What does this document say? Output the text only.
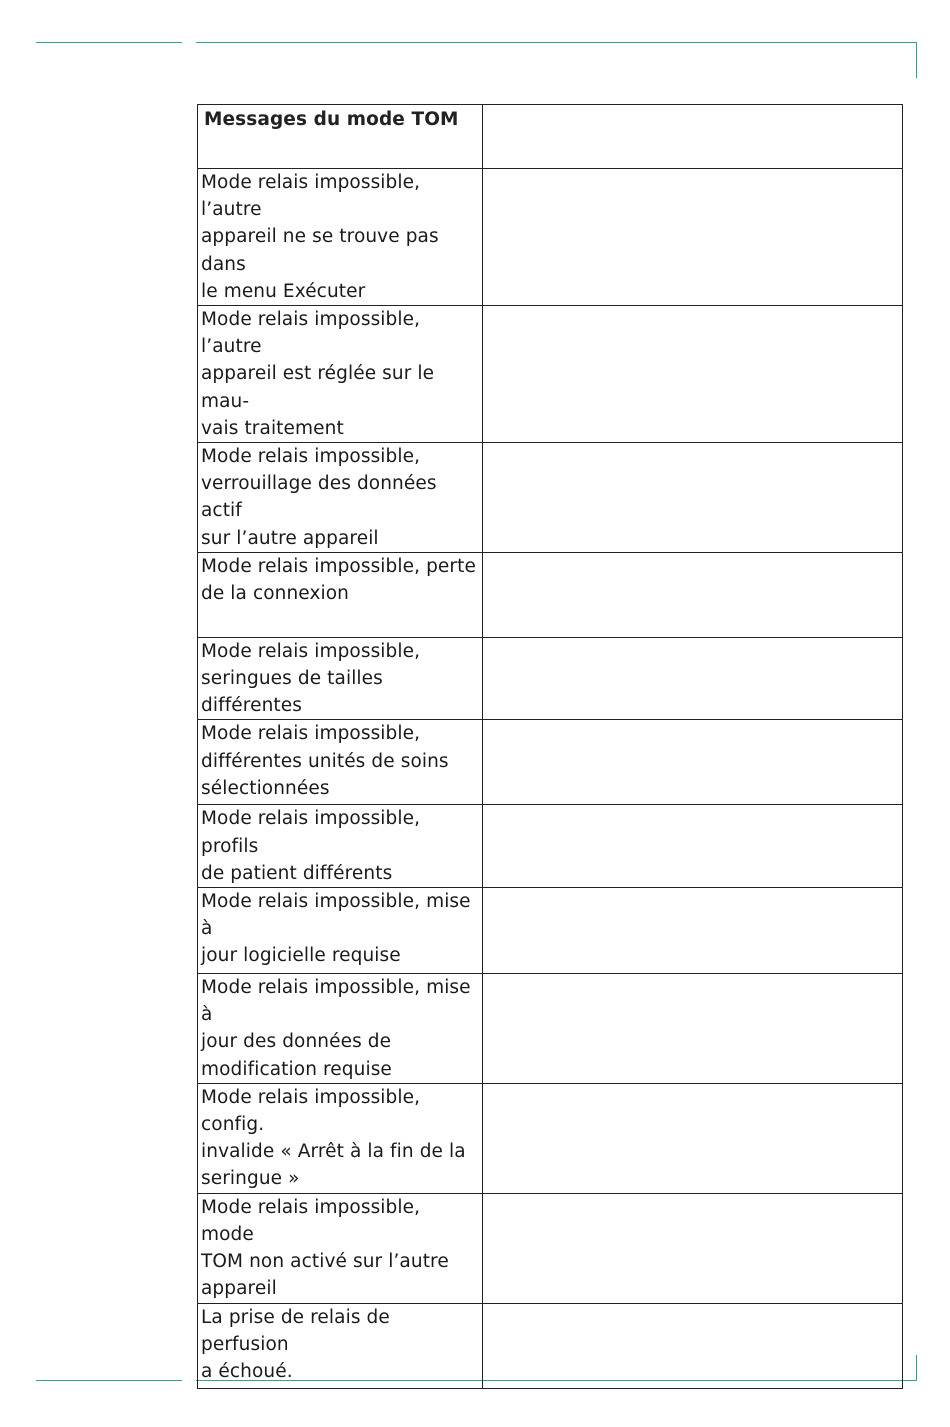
Messages du mode TOM	

Mode relais impossible, l’autre
appareil ne se trouve pas dans
le menu Exécuter	

Mode relais impossible, l’autre
appareil est réglée sur le mau-
vais traitement	

Mode relais impossible,
verrouillage des données actif
sur l’autre appareil	

Mode relais impossible, perte
de la connexion	

Mode relais impossible,
seringues de tailles différentes	

Mode relais impossible,
différentes unités de soins
sélectionnées	

Mode relais impossible, profils
de patient différents	

Mode relais impossible, mise à
jour logicielle requise	

Mode relais impossible, mise à
jour des données de
modification requise	

Mode relais impossible, config.
invalide « Arrêt à la fin de la
seringue »	

Mode relais impossible, mode
TOM non activé sur l’autre
appareil	

La prise de relais de perfusion
a échoué.	
